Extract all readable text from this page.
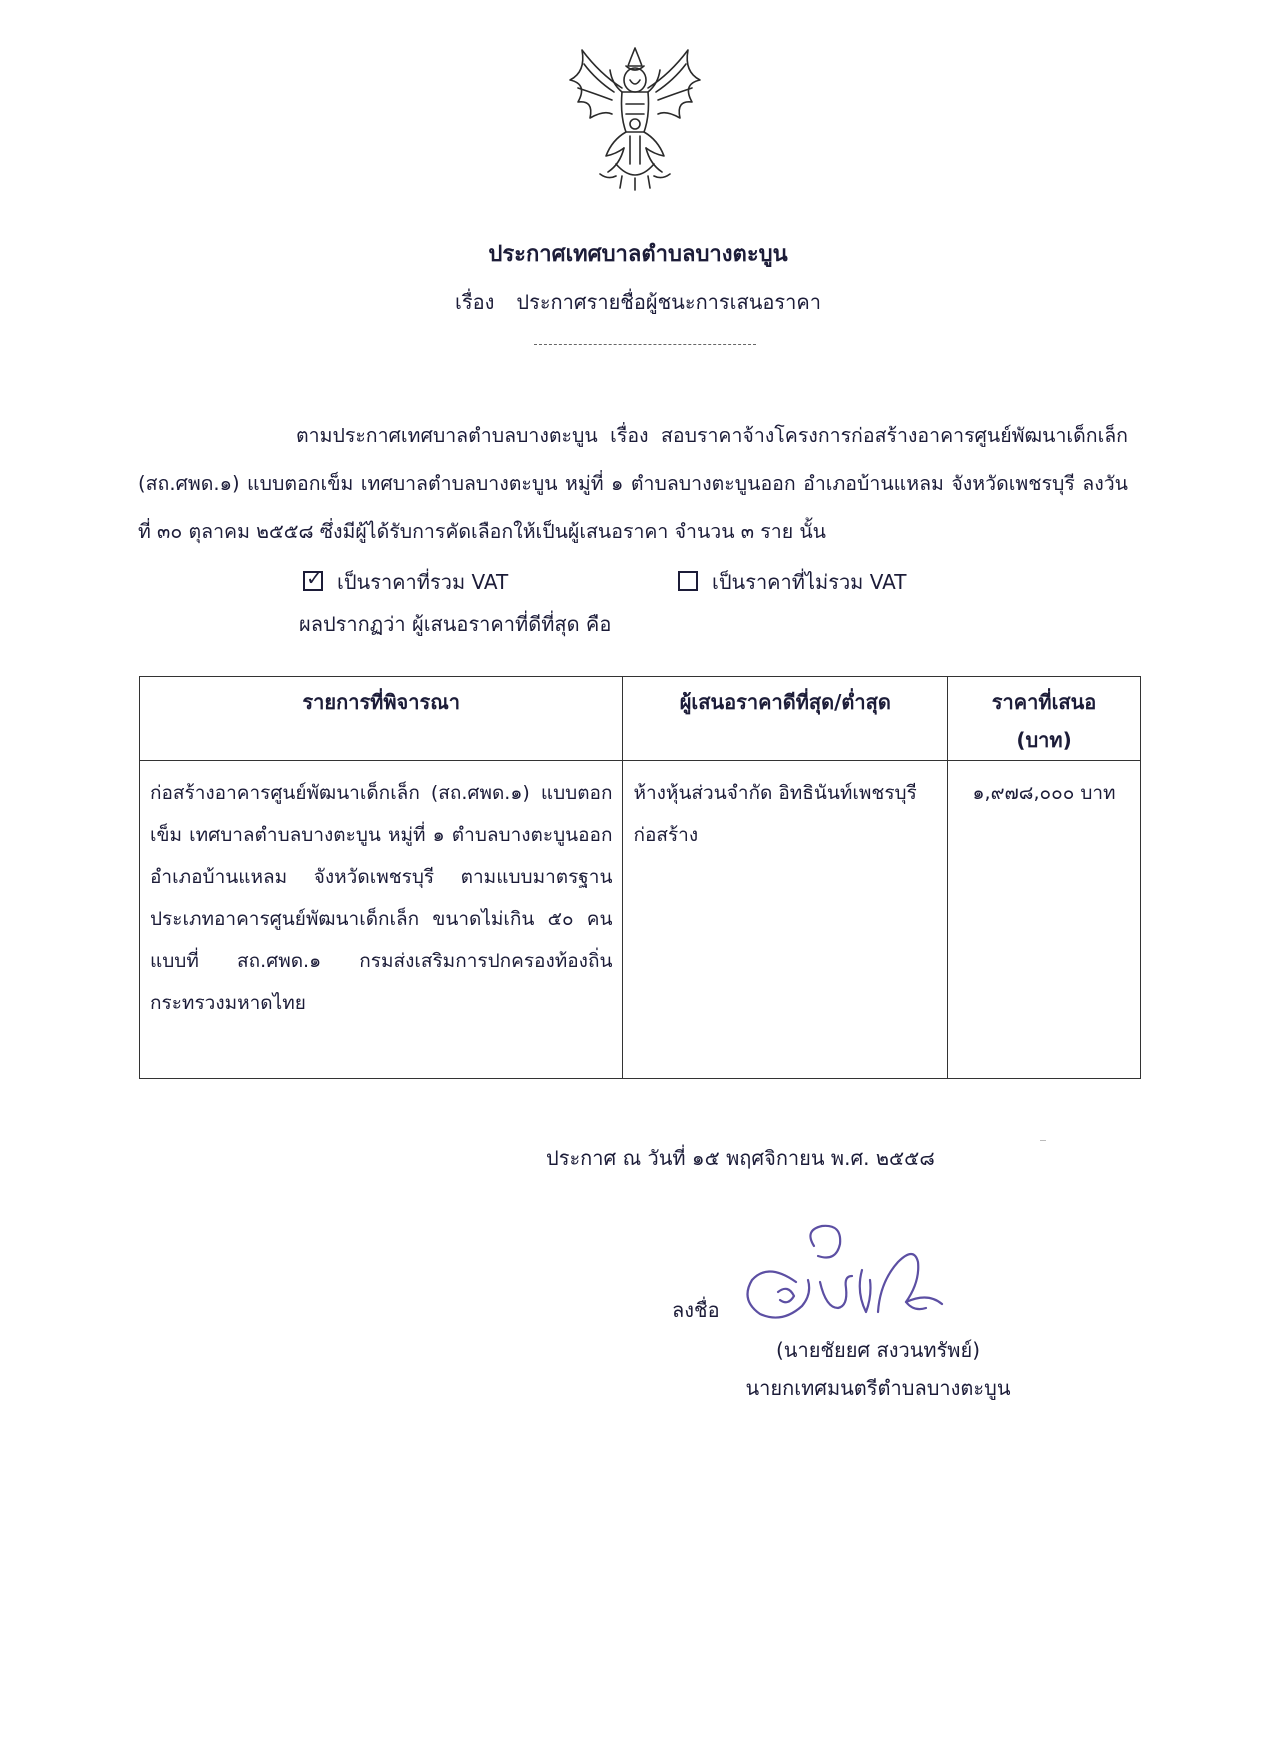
ประกาศเทศบาลตำบลบางตะบูน
เรื่อง ประกาศรายชื่อผู้ชนะการเสนอราคา
ตามประกาศเทศบาลตำบลบางตะบูน เรื่อง สอบราคาจ้างโครงการก่อสร้างอาคารศูนย์พัฒนาเด็กเล็ก (สถ.ศพด.๑) แบบตอกเข็ม เทศบาลตำบลบางตะบูน หมู่ที่ ๑ ตำบลบางตะบูนออก อำเภอบ้านแหลม จังหวัดเพชรบุรี ลงวันที่ ๓๐ ตุลาคม ๒๕๕๘ ซึ่งมีผู้ได้รับการคัดเลือกให้เป็นผู้เสนอราคา จำนวน ๓ ราย นั้น
✓เป็นราคาที่รวม VAT	เป็นราคาที่ไม่รวม VAT
ผลปรากฏว่า ผู้เสนอราคาที่ดีที่สุด คือ
รายการที่พิจารณา	ผู้เสนอราคาดีที่สุด/ต่ำสุด	ราคาที่เสนอ
(บาท)

ก่อสร้างอาคารศูนย์พัฒนาเด็กเล็ก (สถ.ศพด.๑) แบบตอกเข็ม เทศบาลตำบลบางตะบูน หมู่ที่ ๑ ตำบลบางตะบูนออก อำเภอบ้านแหลม จังหวัดเพชรบุรี ตามแบบมาตรฐานประเภทอาคารศูนย์พัฒนาเด็กเล็ก ขนาดไม่เกิน ๕๐ คน แบบที่ สถ.ศพด.๑ กรมส่งเสริมการปกครองท้องถิ่น กระทรวงมหาดไทย	ห้างหุ้นส่วนจำกัด อิทธินันท์เพชรบุรีก่อสร้าง	๑,๙๗๘,๐๐๐ บาท
ประกาศ ณ วันที่ ๑๕ พฤศจิกายน พ.ศ. ๒๕๕๘
ลงชื่อ
(นายชัยยศ สงวนทรัพย์)
นายกเทศมนตรีตำบลบางตะบูน
